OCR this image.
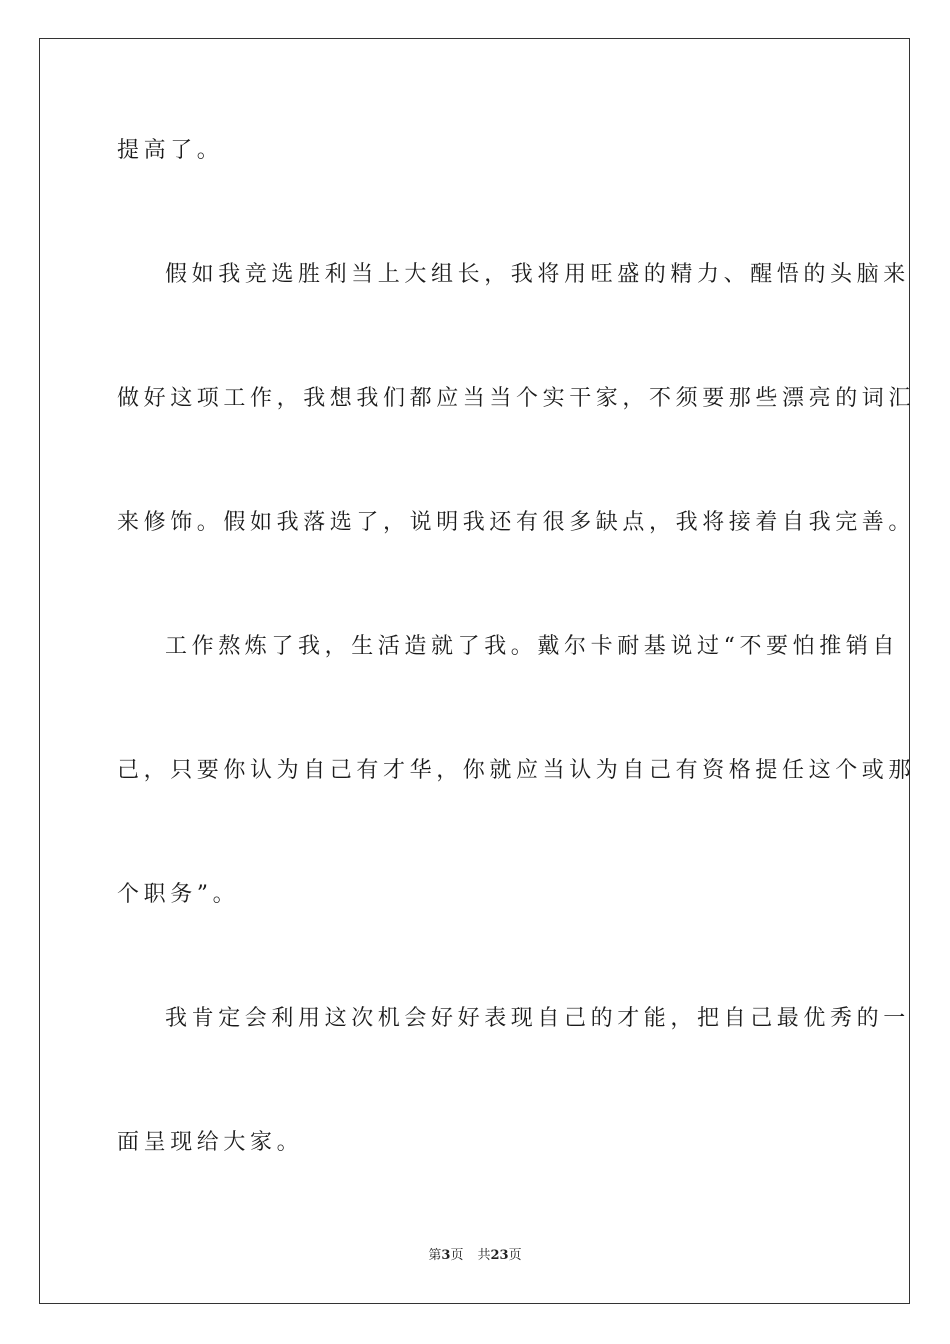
提高了。
假如我竞选胜利当上大组长，我将用旺盛的精力、醒悟的头脑来
做好这项工作，我想我们都应当当个实干家，不须要那些漂亮的词汇
来修饰。假如我落选了，说明我还有很多缺点，我将接着自我完善。
工作熬炼了我，生活造就了我。戴尔卡耐基说过“不要怕推销自
己，只要你认为自己有才华，你就应当认为自己有资格提任这个或那
个职务”。
我肯定会利用这次机会好好表现自己的才能，把自己最优秀的一
面呈现给大家。
第3页 共23页
